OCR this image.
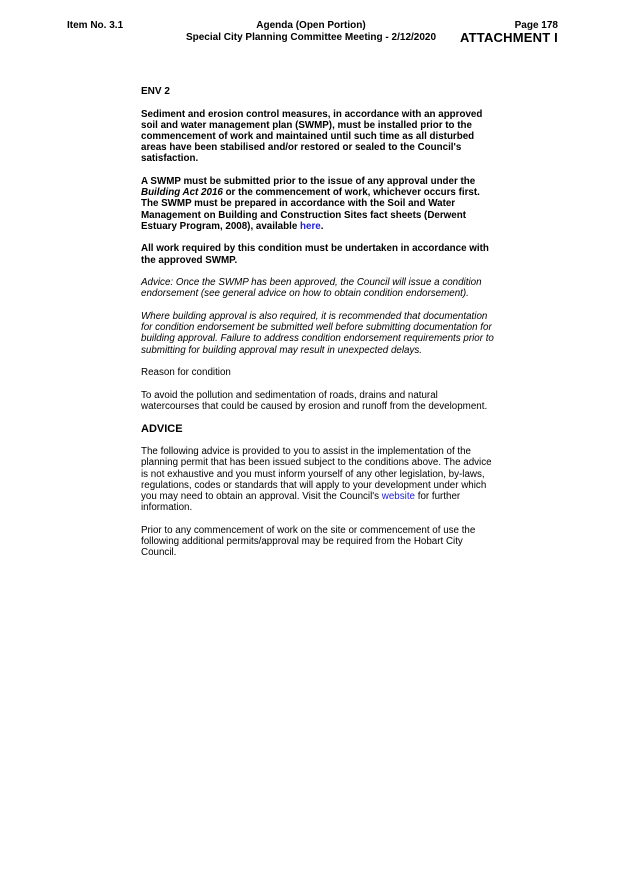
Item No. 3.1	Agenda (Open Portion)
Special City Planning Committee Meeting - 2/12/2020
Page 178
ATTACHMENT I

ENV 2

Sediment and erosion control measures, in accordance with an approved soil and water management plan (SWMP), must be installed prior to the commencement of work and maintained until such time as all disturbed areas have been stabilised and/or restored or sealed to the Council's satisfaction.

A SWMP must be submitted prior to the issue of any approval under the Building Act 2016 or the commencement of work, whichever occurs first. The SWMP must be prepared in accordance with the Soil and Water Management on Building and Construction Sites fact sheets (Derwent Estuary Program, 2008), available here.

All work required by this condition must be undertaken in accordance with the approved SWMP.

Advice: Once the SWMP has been approved, the Council will issue a condition endorsement (see general advice on how to obtain condition endorsement).

Where building approval is also required, it is recommended that documentation for condition endorsement be submitted well before submitting documentation for building approval. Failure to address condition endorsement requirements prior to submitting for building approval may result in unexpected delays.

Reason for condition

To avoid the pollution and sedimentation of roads, drains and natural watercourses that could be caused by erosion and runoff from the development.

ADVICE

The following advice is provided to you to assist in the implementation of the planning permit that has been issued subject to the conditions above. The advice is not exhaustive and you must inform yourself of any other legislation, by-laws, regulations, codes or standards that will apply to your development under which you may need to obtain an approval. Visit the Council's website for further information.

Prior to any commencement of work on the site or commencement of use the following additional permits/approval may be required from the Hobart City Council.
